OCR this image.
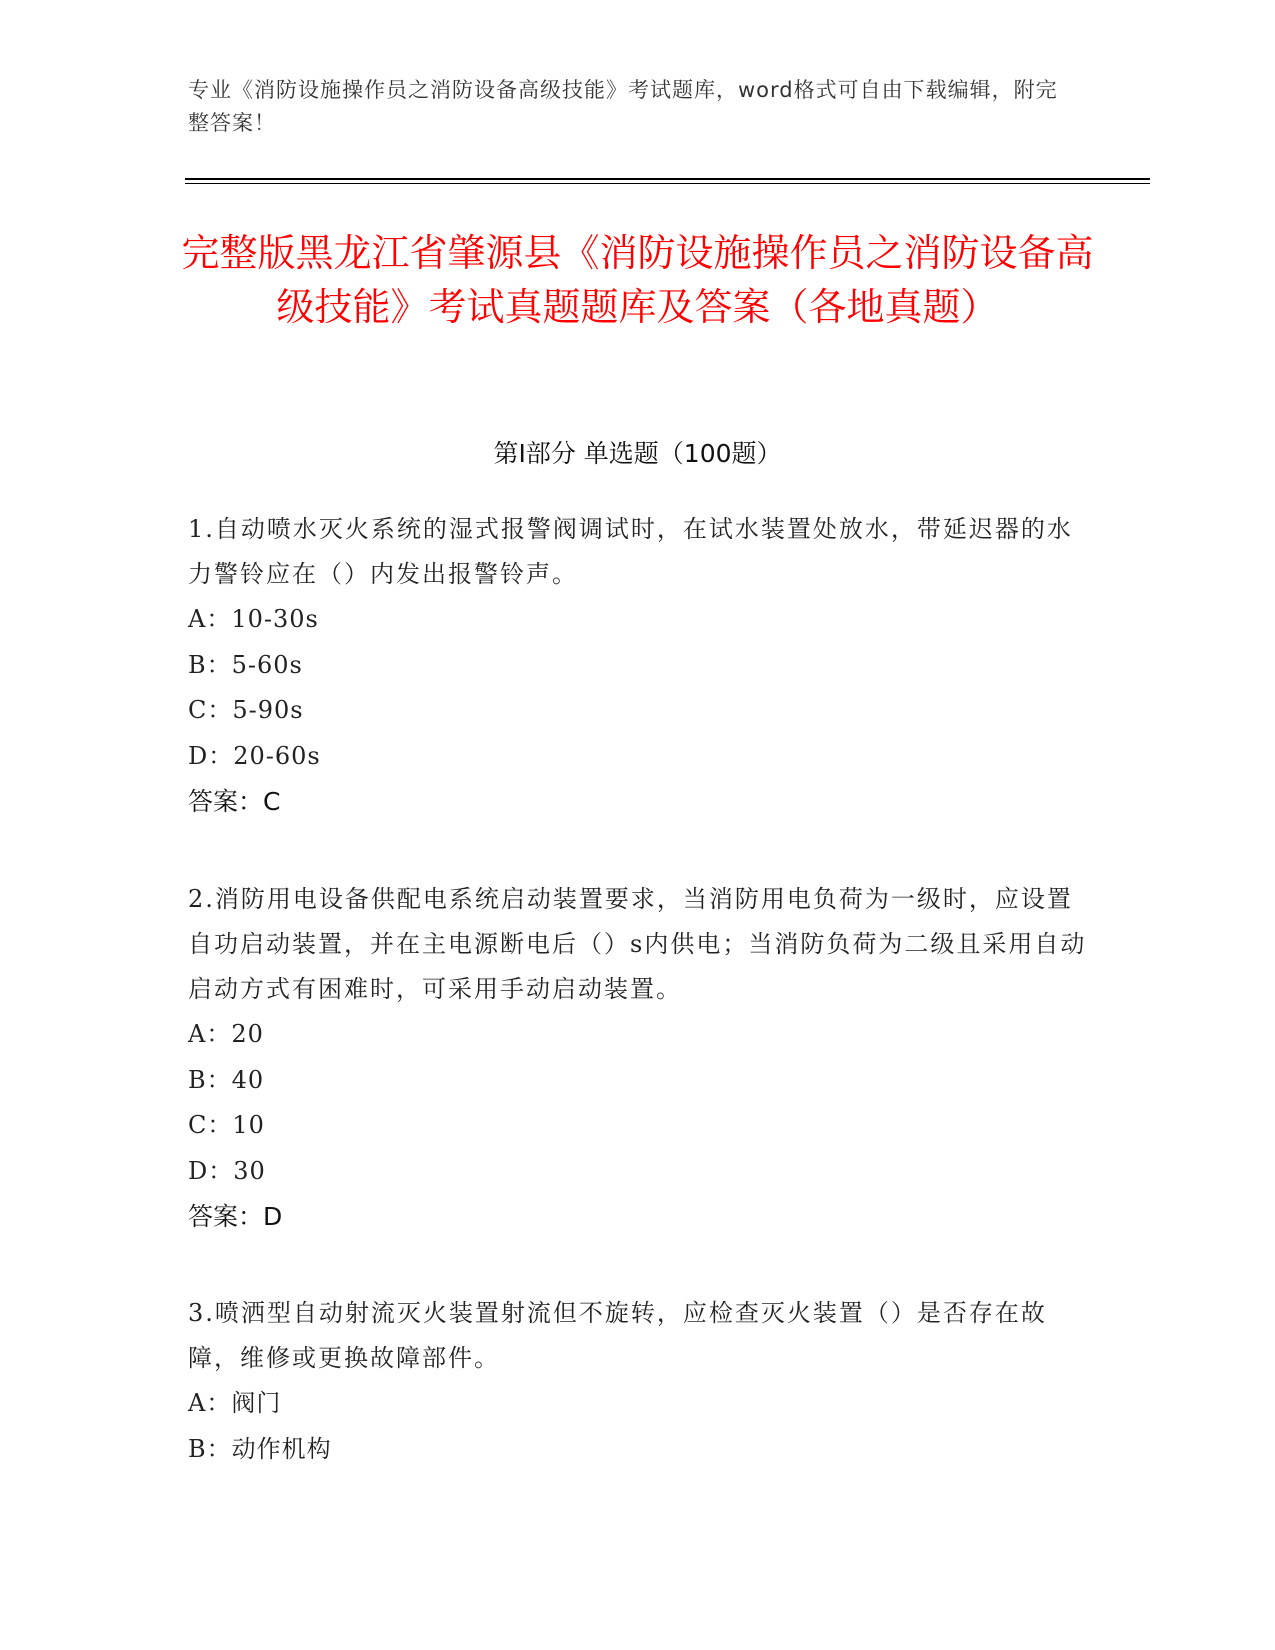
专业《消防设施操作员之消防设备高级技能》考试题库，word格式可自由下载编辑，附完整答案！
完整版黑龙江省肇源县《消防设施操作员之消防设备高级技能》考试真题题库及答案（各地真题）
第Ⅰ部分 单选题（100题）

1.自动喷水灭火系统的湿式报警阀调试时，在试水装置处放水，带延迟器的水力警铃应在（）内发出报警铃声。

A：10-30s

B：5-60s

C：5-90s

D：20-60s

答案：C

2.消防用电设备供配电系统启动装置要求，当消防用电负荷为一级时，应设置自功启动装置，并在主电源断电后（）s内供电；当消防负荷为二级且采用自动启动方式有困难时，可采用手动启动装置。

A：20

B：40

C：10

D：30

答案：D

3.喷洒型自动射流灭火装置射流但不旋转，应检查灭火装置（）是否存在故障，维修或更换故障部件。

A：阀门

B：动作机构
